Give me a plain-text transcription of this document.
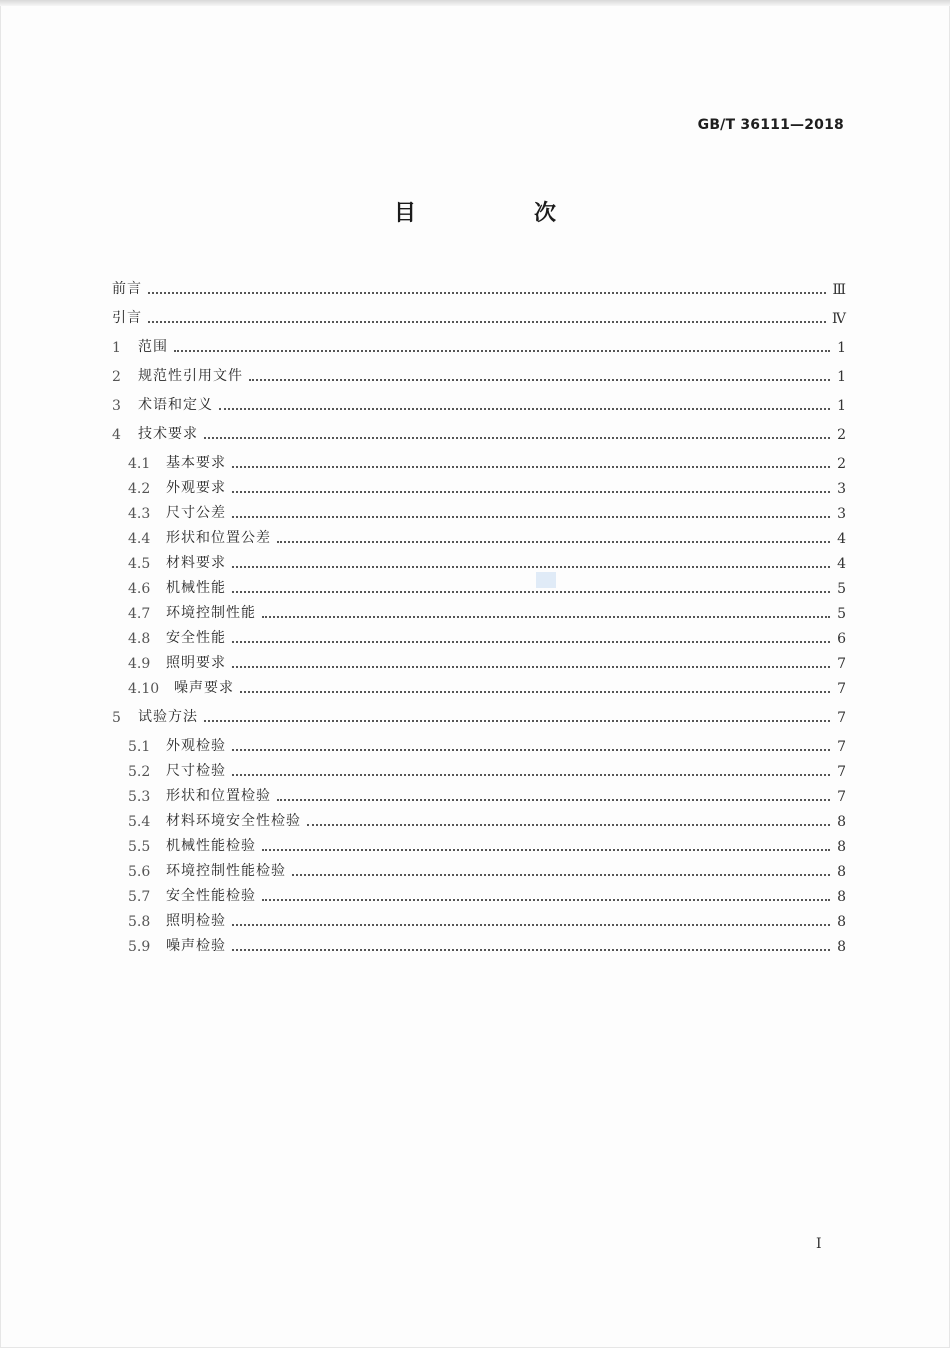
GB/T 36111—2018
目　次
前言	Ⅲ
引言	Ⅳ
1	范围	1
2	规范性引用文件	1
3	术语和定义	1
4	技术要求	2
4.1	基本要求	2
4.2	外观要求	3
4.3	尺寸公差	3
4.4	形状和位置公差	4
4.5	材料要求	4
4.6	机械性能	5
4.7	环境控制性能	5
4.8	安全性能	6
4.9	照明要求	7
4.10	噪声要求	7
5	试验方法	7
5.1	外观检验	7
5.2	尺寸检验	7
5.3	形状和位置检验	7
5.4	材料环境安全性检验	8
5.5	机械性能检验	8
5.6	环境控制性能检验	8
5.7	安全性能检验	8
5.8	照明检验	8
5.9	噪声检验	8
I
